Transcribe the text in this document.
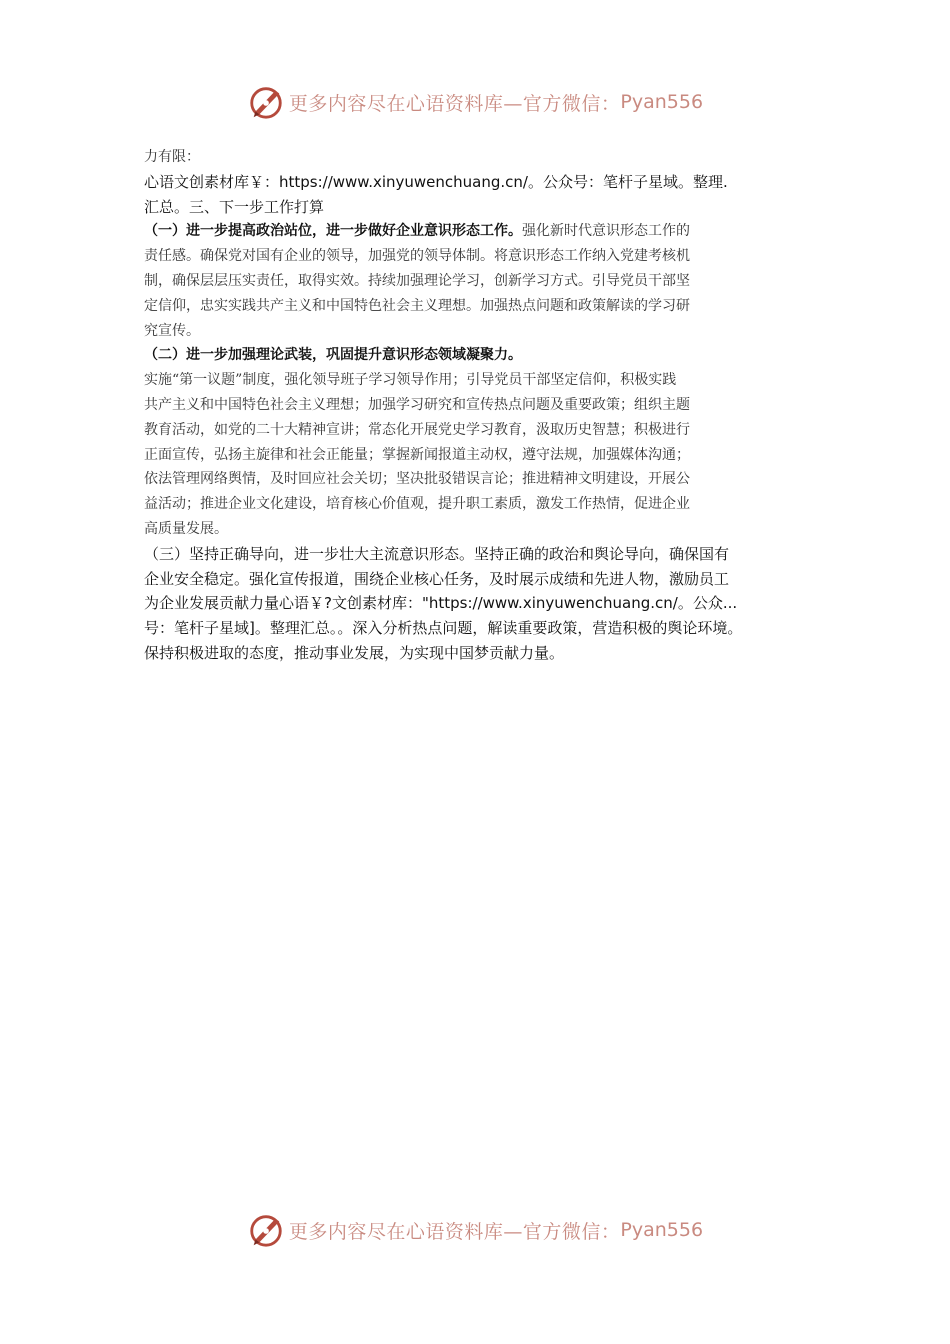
更多内容尽在心语资料库—官方微信： Pyan556
力有限：
心语文创素材库￥：https://www.xinyuwenchuang.cn/。公众号：笔杆子星域。整理.
汇总。三、下一步工作打算
（一）进一步提高政治站位，进一步做好企业意识形态工作。强化新时代意识形态工作的
责任感。确保党对国有企业的领导，加强党的领导体制。将意识形态工作纳入党建考核机
制，确保层层压实责任，取得实效。持续加强理论学习，创新学习方式。引导党员干部坚
定信仰，忠实实践共产主义和中国特色社会主义理想。加强热点问题和政策解读的学习研
究宣传。
（二）进一步加强理论武装，巩固提升意识形态领域凝聚力。
实施“第一议题”制度，强化领导班子学习领导作用；引导党员干部坚定信仰，积极实践
共产主义和中国特色社会主义理想；加强学习研究和宣传热点问题及重要政策；组织主题
教育活动，如党的二十大精神宣讲；常态化开展党史学习教育，汲取历史智慧；积极进行
正面宣传，弘扬主旋律和社会正能量；掌握新闻报道主动权，遵守法规，加强媒体沟通；
依法管理网络舆情，及时回应社会关切；坚决批驳错误言论；推进精神文明建设，开展公
益活动；推进企业文化建设，培育核心价值观，提升职工素质，激发工作热情，促进企业
高质量发展。
（三）坚持正确导向，进一步壮大主流意识形态。坚持正确的政治和舆论导向，确保国有
企业安全稳定。强化宣传报道，围绕企业核心任务，及时展示成绩和先进人物，激励员工
为企业发展贡献力量心语￥?文创素材库："https://www.xinyuwenchuang.cn/。公众...
号：笔杆子星域]。整理汇总。。深入分析热点问题，解读重要政策，营造积极的舆论环境。
保持积极进取的态度，推动事业发展，为实现中国梦贡献力量。
更多内容尽在心语资料库—官方微信： Pyan556
